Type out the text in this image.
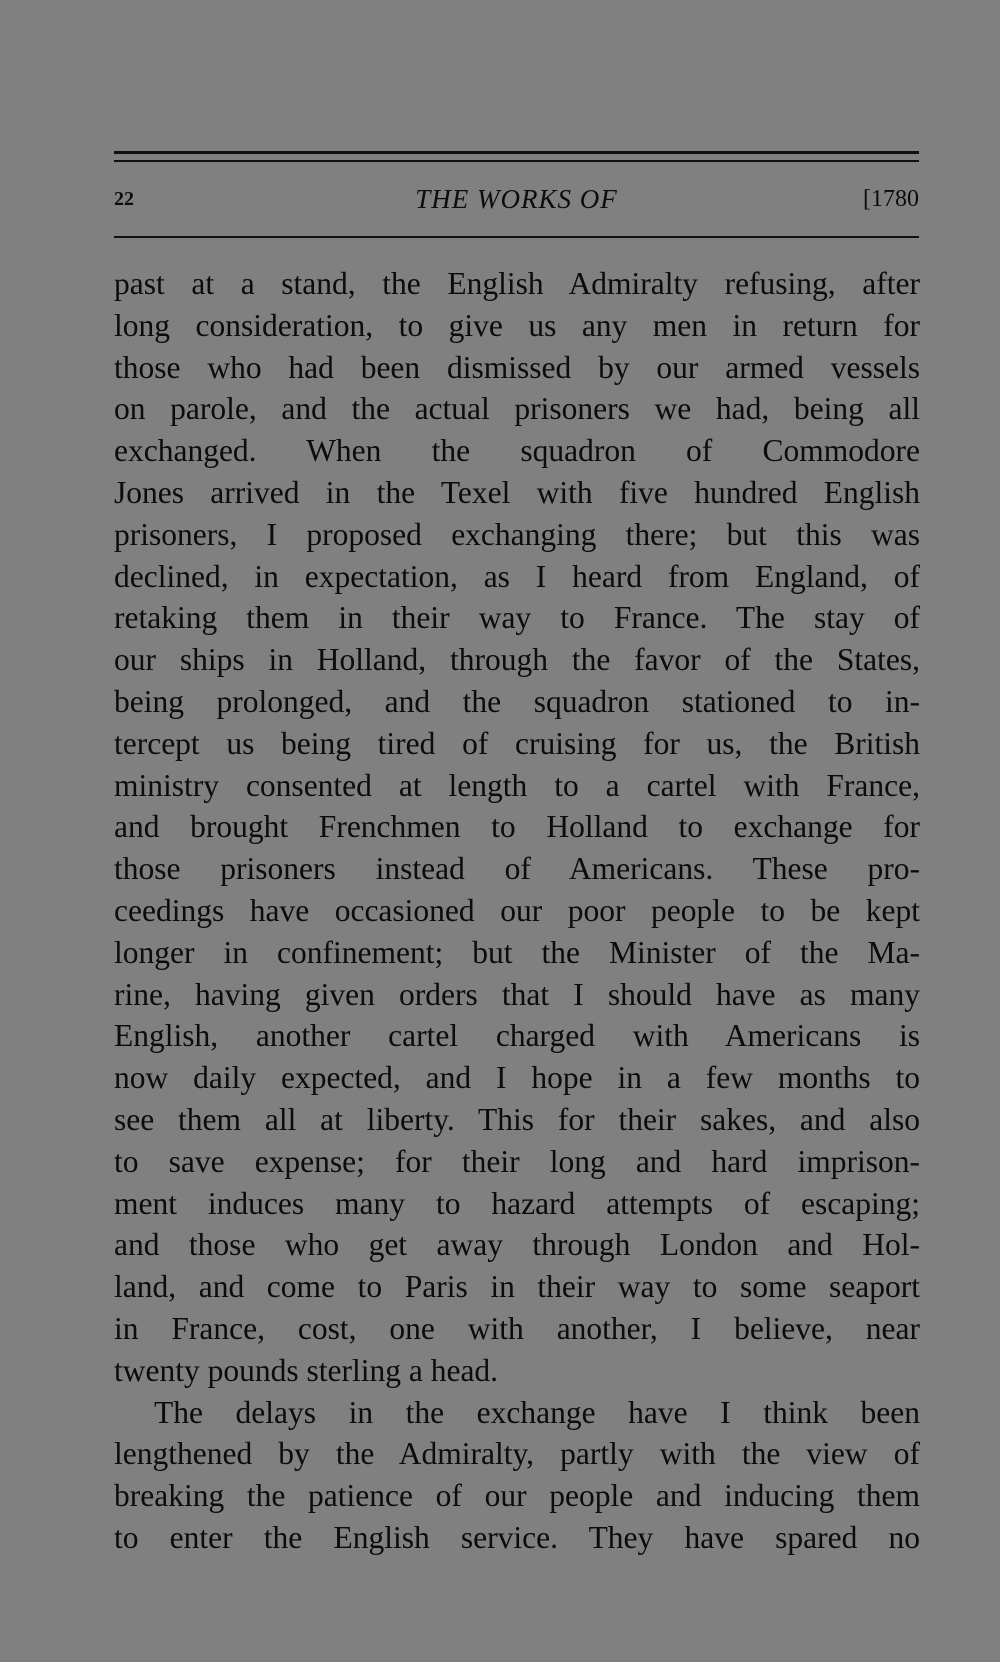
22	THE WORKS OF	[1780
past at a stand, the English Admiralty refusing, after
long consideration, to give us any men in return for
those who had been dismissed by our armed vessels
on parole, and the actual prisoners we had, being all
exchanged. When the squadron of Commodore
Jones arrived in the Texel with five hundred English
prisoners, I proposed exchanging there; but this was
declined, in expectation, as I heard from England, of
retaking them in their way to France. The stay of
our ships in Holland, through the favor of the States,
being prolonged, and the squadron stationed to in-
tercept us being tired of cruising for us, the British
ministry consented at length to a cartel with France,
and brought Frenchmen to Holland to exchange for
those prisoners instead of Americans. These pro-
ceedings have occasioned our poor people to be kept
longer in confinement; but the Minister of the Ma-
rine, having given orders that I should have as many
English, another cartel charged with Americans is
now daily expected, and I hope in a few months to
see them all at liberty. This for their sakes, and also
to save expense; for their long and hard imprison-
ment induces many to hazard attempts of escaping;
and those who get away through London and Hol-
land, and come to Paris in their way to some seaport
in France, cost, one with another, I believe, near
twenty pounds sterling a head.
The delays in the exchange have I think been
lengthened by the Admiralty, partly with the view of
breaking the patience of our people and inducing them
to enter the English service. They have spared no
